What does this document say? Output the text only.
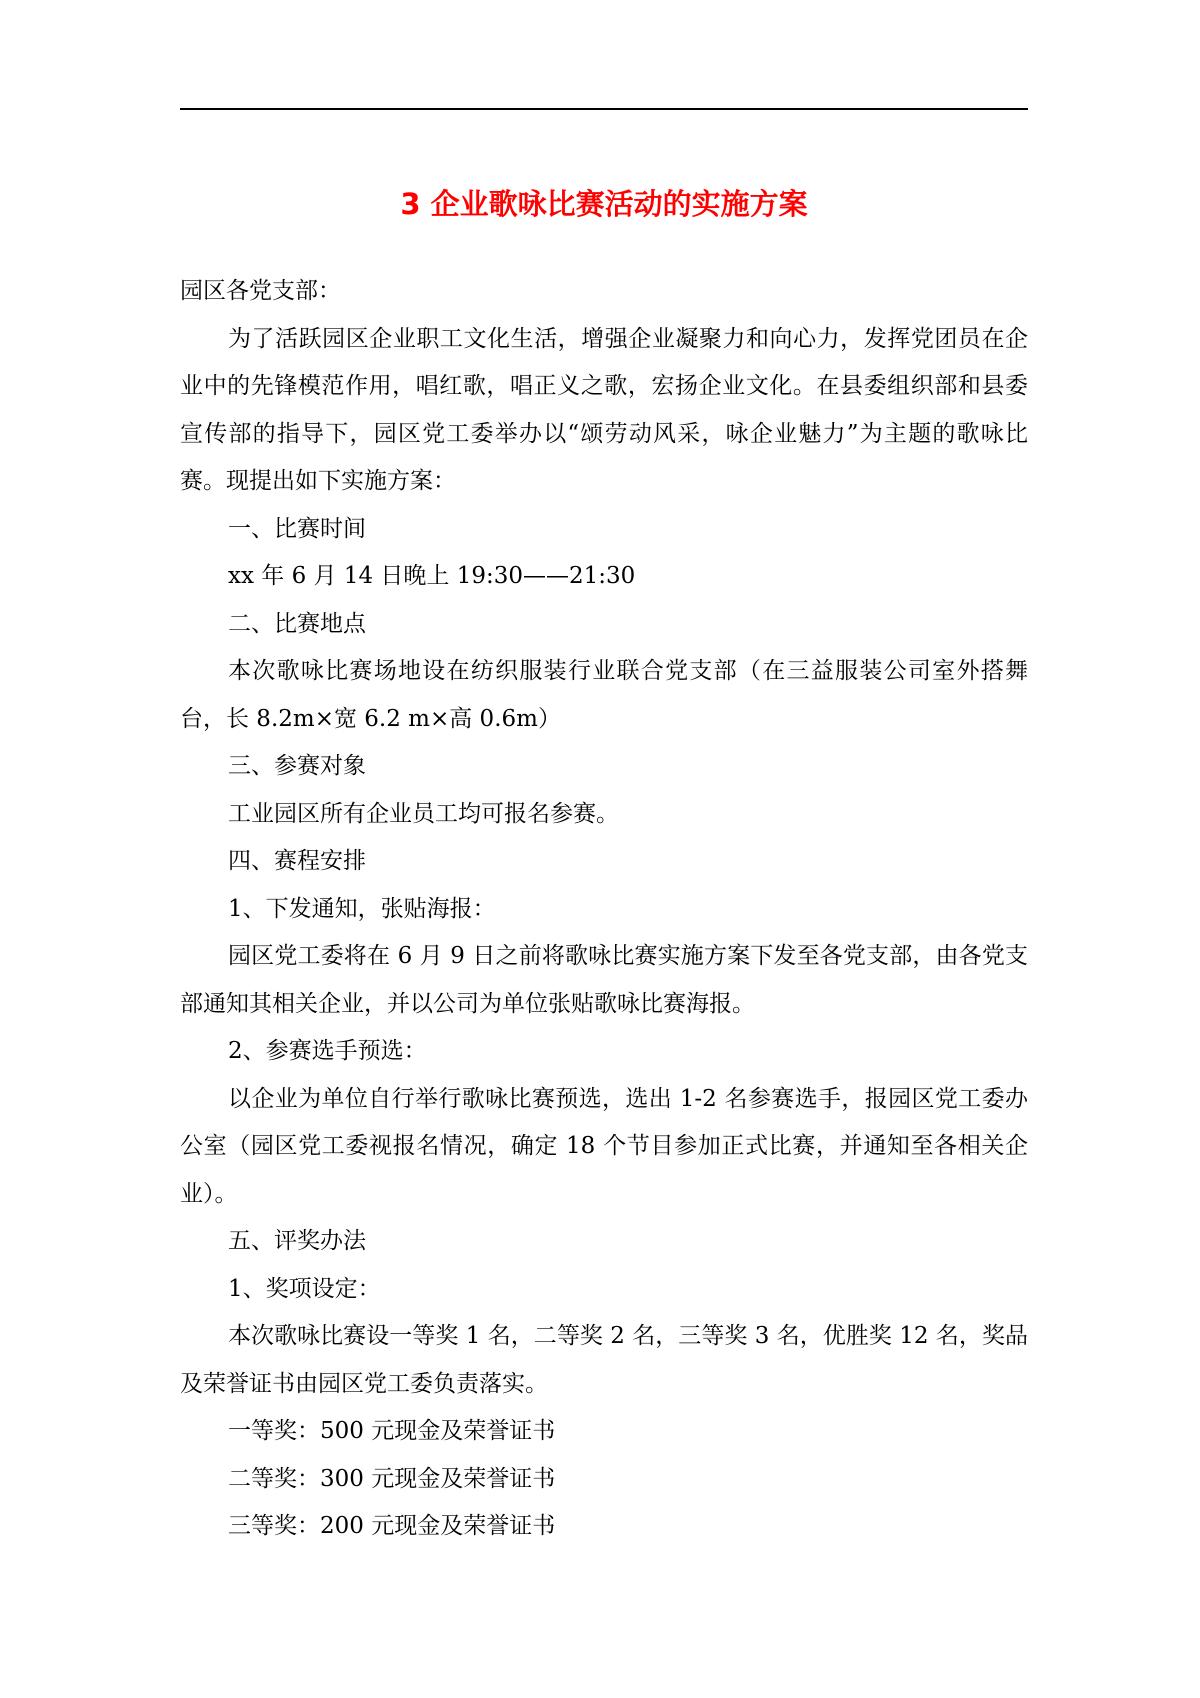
3 企业歌咏比赛活动的实施方案

园区各党支部：

为了活跃园区企业职工文化生活，增强企业凝聚力和向心力，发挥党团员在企业中的先锋模范作用，唱红歌，唱正义之歌，宏扬企业文化。在县委组织部和县委宣传部的指导下，园区党工委举办以“颂劳动风采，咏企业魅力”为主题的歌咏比赛。现提出如下实施方案：

一、比赛时间

xx 年 6 月 14 日晚上 19:30——21:30

二、比赛地点

本次歌咏比赛场地设在纺织服装行业联合党支部（在三益服装公司室外搭舞台，长 8.2m×宽 6.2 m×高 0.6m）

三、参赛对象

工业园区所有企业员工均可报名参赛。

四、赛程安排

1、下发通知，张贴海报：

园区党工委将在 6 月 9 日之前将歌咏比赛实施方案下发至各党支部，由各党支部通知其相关企业，并以公司为单位张贴歌咏比赛海报。

2、参赛选手预选：

以企业为单位自行举行歌咏比赛预选，选出 1-2 名参赛选手，报园区党工委办公室（园区党工委视报名情况，确定 18 个节目参加正式比赛，并通知至各相关企业）。

五、评奖办法

1、奖项设定：

本次歌咏比赛设一等奖 1 名，二等奖 2 名，三等奖 3 名，优胜奖 12 名，奖品及荣誉证书由园区党工委负责落实。

一等奖：500 元现金及荣誉证书

二等奖：300 元现金及荣誉证书

三等奖：200 元现金及荣誉证书
